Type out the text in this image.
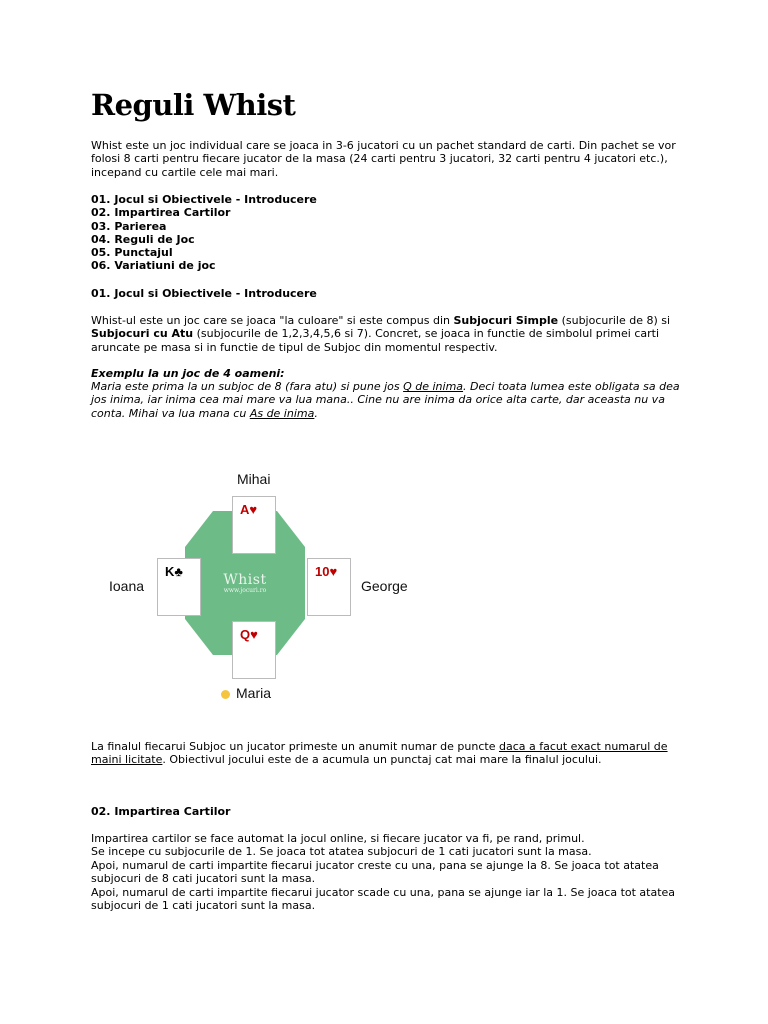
Reguli Whist

Whist este un joc individual care se joaca in 3-6 jucatori cu un pachet standard de carti. Din pachet se vor folosi 8 carti pentru fiecare jucator de la masa (24 carti pentru 3 jucatori, 32 carti pentru 4 jucatori etc.), incepand cu cartile cele mai mari.

01. Jocul si Obiectivele - Introducere
02. Impartirea Cartilor
03. Parierea
04. Reguli de Joc
05. Punctajul
06. Variatiuni de joc

01. Jocul si Obiectivele - Introducere

Whist-ul este un joc care se joaca "la culoare" si este compus din Subjocuri Simple (subjocurile de 8) si Subjocuri cu Atu (subjocurile de 1,2,3,4,5,6 si 7). Concret, se joaca in functie de simbolul primei carti aruncate pe masa si in functie de tipul de Subjoc din momentul respectiv.

Exemplu la un joc de 4 oameni:

Maria este prima la un subjoc de 8 (fara atu) si pune jos Q de inima. Deci toata lumea este obligata sa dea jos inima, iar inima cea mai mare va lua mana.. Cine nu are inima da orice alta carte, dar aceasta nu va conta. Mihai va lua mana cu As de inima.

La finalul fiecarui Subjoc un jucator primeste un anumit numar de puncte daca a facut exact numarul de maini licitate. Obiectivul jocului este de a acumula un punctaj cat mai mare la finalul jocului.

02. Impartirea Cartilor

Impartirea cartilor se face automat la jocul online, si fiecare jucator va fi, pe rand, primul.
Se incepe cu subjocurile de 1. Se joaca tot atatea subjocuri de 1 cati jucatori sunt la masa.
Apoi, numarul de carti impartite fiecarui jucator creste cu una, pana se ajunge la 8. Se joaca tot atatea subjocuri de 8 cati jucatori sunt la masa.
Apoi, numarul de carti impartite fiecarui jucator scade cu una, pana se ajunge iar la 1. Se joaca tot atatea subjocuri de 1 cati jucatori sunt la masa.
Whist
www.jocuri.ro
A♥
K♣	10♥
Q♥
Mihai
Ioana	George
Maria
